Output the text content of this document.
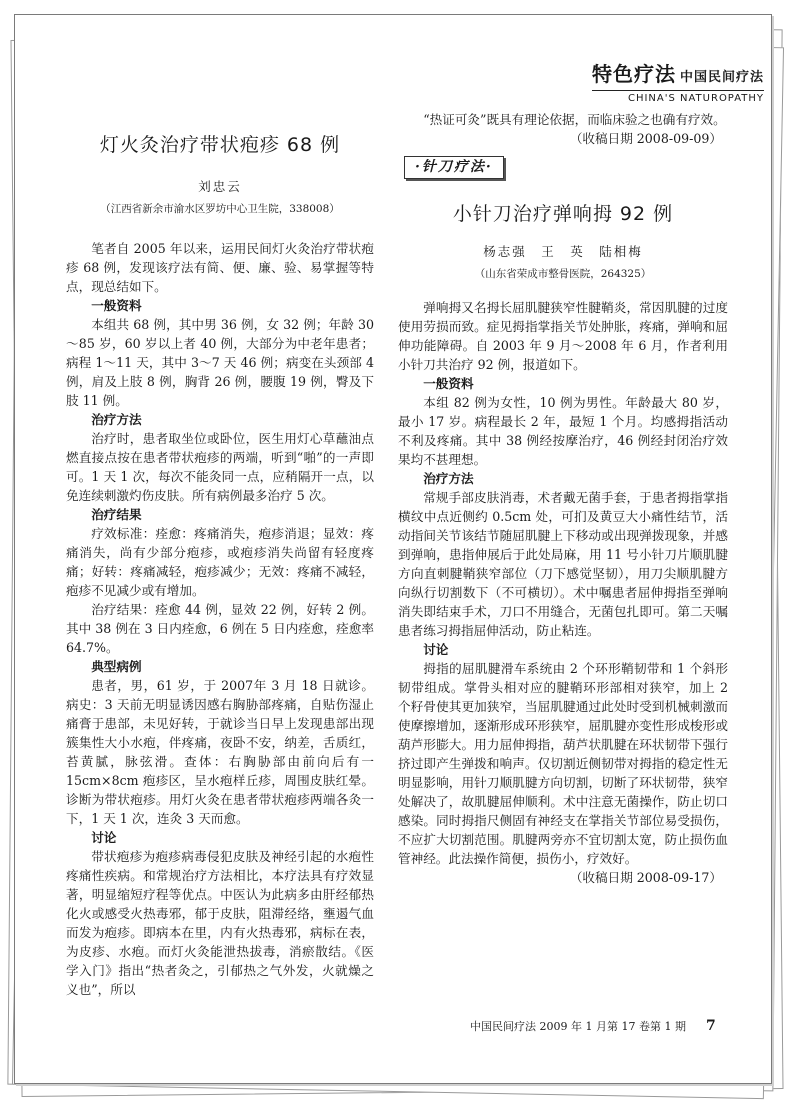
特色疗法 中国民间疗法
CHINA'S NATUROPATHY
灯火灸治疗带状疱疹 68 例
刘忠云
（江西省新余市渝水区罗坊中心卫生院，338008）
笔者自 2005 年以来，运用民间灯火灸治疗带状疱疹 68 例，发现该疗法有简、便、廉、验、易掌握等特点，现总结如下。
一般资料
本组共 68 例，其中男 36 例，女 32 例；年龄 30～85 岁，60 岁以上者 40 例，大部分为中老年患者；病程 1～11 天，其中 3～7 天 46 例；病变在头颈部 4 例，肩及上肢 8 例，胸背 26 例，腰腹 19 例，臀及下肢 11 例。
治疗方法
治疗时，患者取坐位或卧位，医生用灯心草蘸油点燃直接点按在患者带状疱疹的两端，听到“啪”的一声即可。1 天 1 次，每次不能灸同一点，应稍隔开一点，以免连续刺激灼伤皮肤。所有病例最多治疗 5 次。
治疗结果
疗效标准：痊愈：疼痛消失，疱疹消退；显效：疼痛消失，尚有少部分疱疹，或疱疹消失尚留有轻度疼痛；好转：疼痛减轻，疱疹减少；无效：疼痛不减轻，疱疹不见减少或有增加。
治疗结果：痊愈 44 例，显效 22 例，好转 2 例。其中 38 例在 3 日内痊愈，6 例在 5 日内痊愈，痊愈率64.7%。
典型病例
患者，男，61 岁，于 2007年 3 月 18 日就诊。病史：3 天前无明显诱因感右胸胁部疼痛，自贴伤湿止痛膏于患部，未见好转，于就诊当日早上发现患部出现簇集性大小水疱，伴疼痛，夜卧不安，纳差，舌质红，苔黄腻，脉弦滑。查体：右胸胁部由前向后有一 15cm×8cm 疱疹区，呈水疱样丘疹，周围皮肤红晕。诊断为带状疱疹。用灯火灸在患者带状疱疹两端各灸一下，1 天 1 次，连灸 3 天而愈。
讨论
带状疱疹为疱疹病毒侵犯皮肤及神经引起的水疱性疼痛性疾病。和常规治疗方法相比，本疗法具有疗效显著，明显缩短疗程等优点。中医认为此病多由肝经郁热化火或感受火热毒邪，郁于皮肤，阻滞经络，壅遏气血而发为疱疹。即病本在里，内有火热毒邪，病标在表，为皮疹、水疱。而灯火灸能泄热拔毒，消瘀散结。《医学入门》指出“热者灸之，引郁热之气外发，火就燥之义也”，所以
“热证可灸”既具有理论依据，而临床验之也确有疗效。
（收稿日期 2008-09-09）
·针刀疗法·
小针刀治疗弹响拇 92 例
杨志强　王　英　陆相梅
（山东省荣成市整骨医院，264325）
弹响拇又名拇长屈肌腱狭窄性腱鞘炎，常因肌腱的过度使用劳损而致。症见拇指掌指关节处肿胀，疼痛，弹响和屈伸功能障碍。自 2003 年 9 月～2008 年 6 月，作者利用小针刀共治疗 92 例，报道如下。
一般资料
本组 82 例为女性，10 例为男性。年龄最大 80 岁，最小 17 岁。病程最长 2 年，最短 1 个月。均感拇指活动不利及疼痛。其中 38 例经按摩治疗，46 例经封闭治疗效果均不甚理想。
治疗方法
常规手部皮肤消毒，术者戴无菌手套，于患者拇指掌指横纹中点近侧约 0.5cm 处，可扪及黄豆大小痛性结节，活动指间关节该结节随屈肌腱上下移动或出现弹拨现象，并感到弹响，患指伸展后于此处局麻，用 11 号小针刀片顺肌腱方向直刺腱鞘狭窄部位（刀下感觉坚韧），用刀尖顺肌腱方向纵行切割数下（不可横切）。术中嘱患者屈伸拇指至弹响消失即结束手术，刀口不用缝合，无菌包扎即可。第二天嘱患者练习拇指屈伸活动，防止粘连。
讨论
拇指的屈肌腱滑车系统由 2 个环形鞘韧带和 1 个斜形韧带组成。掌骨头相对应的腱鞘环形部相对狭窄，加上 2 个籽骨使其更加狭窄，当屈肌腱通过此处时受到机械刺激而使摩擦增加，逐渐形成环形狭窄，屈肌腱亦变性形成梭形或葫芦形膨大。用力屈伸拇指，葫芦状肌腱在环状韧带下强行挤过即产生弹拨和响声。仅切割近侧韧带对拇指的稳定性无明显影响，用针刀顺肌腱方向切割，切断了环状韧带，狭窄处解决了，故肌腱屈伸顺利。术中注意无菌操作，防止切口感染。同时拇指尺侧固有神经支在掌指关节部位易受损伤，不应扩大切割范围。肌腱两旁亦不宜切割太宽，防止损伤血管神经。此法操作简便，损伤小，疗效好。
（收稿日期 2008-09-17）
中国民间疗法 2009 年 1 月第 17 卷第 1 期 7
